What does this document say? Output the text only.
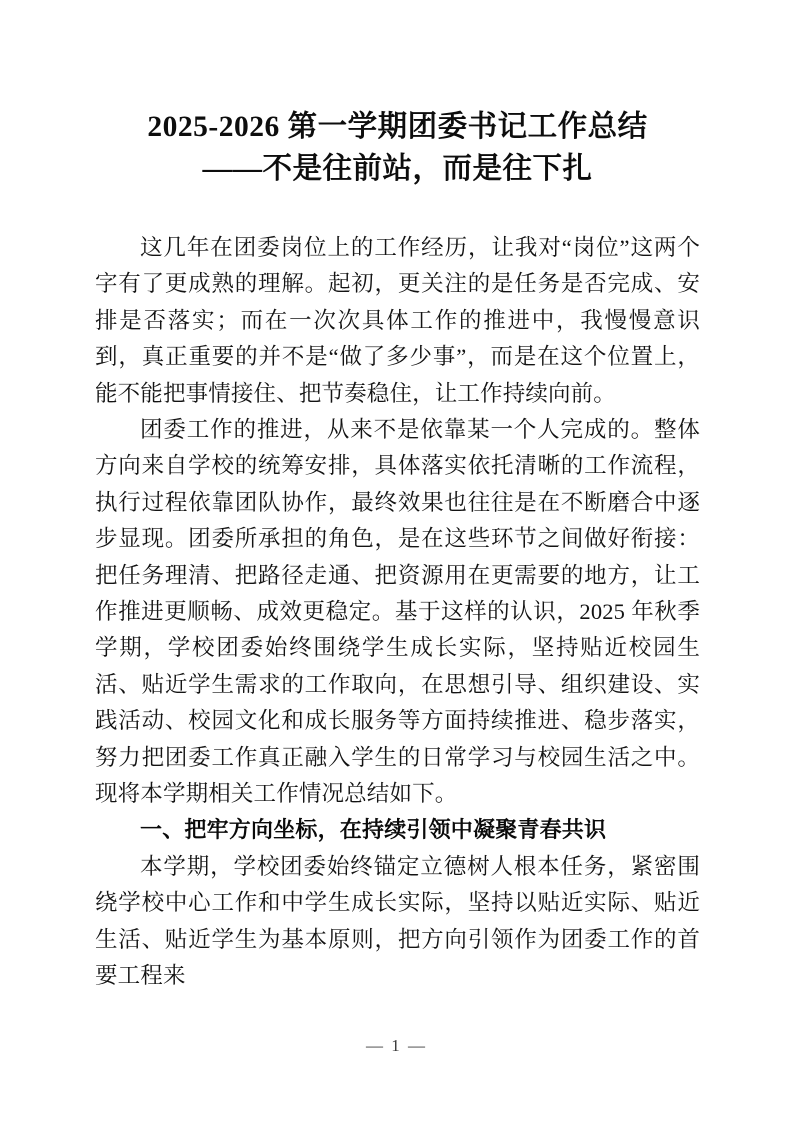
2025-2026 第一学期团委书记工作总结
——不是往前站，而是往下扎

这几年在团委岗位上的工作经历，让我对“岗位”这两个字有了更成熟的理解。起初，更关注的是任务是否完成、安排是否落实；而在一次次具体工作的推进中，我慢慢意识到，真正重要的并不是“做了多少事”，而是在这个位置上，能不能把事情接住、把节奏稳住，让工作持续向前。

团委工作的推进，从来不是依靠某一个人完成的。整体方向来自学校的统筹安排，具体落实依托清晰的工作流程，执行过程依靠团队协作，最终效果也往往是在不断磨合中逐步显现。团委所承担的角色，是在这些环节之间做好衔接：把任务理清、把路径走通、把资源用在更需要的地方，让工作推进更顺畅、成效更稳定。基于这样的认识，2025 年秋季学期，学校团委始终围绕学生成长实际，坚持贴近校园生活、贴近学生需求的工作取向，在思想引导、组织建设、实践活动、校园文化和成长服务等方面持续推进、稳步落实，努力把团委工作真正融入学生的日常学习与校园生活之中。现将本学期相关工作情况总结如下。

一、把牢方向坐标，在持续引领中凝聚青春共识

本学期，学校团委始终锚定立德树人根本任务，紧密围绕学校中心工作和中学生成长实际，坚持以贴近实际、贴近生活、贴近学生为基本原则，把方向引领作为团委工作的首要工程来

— 1 —
